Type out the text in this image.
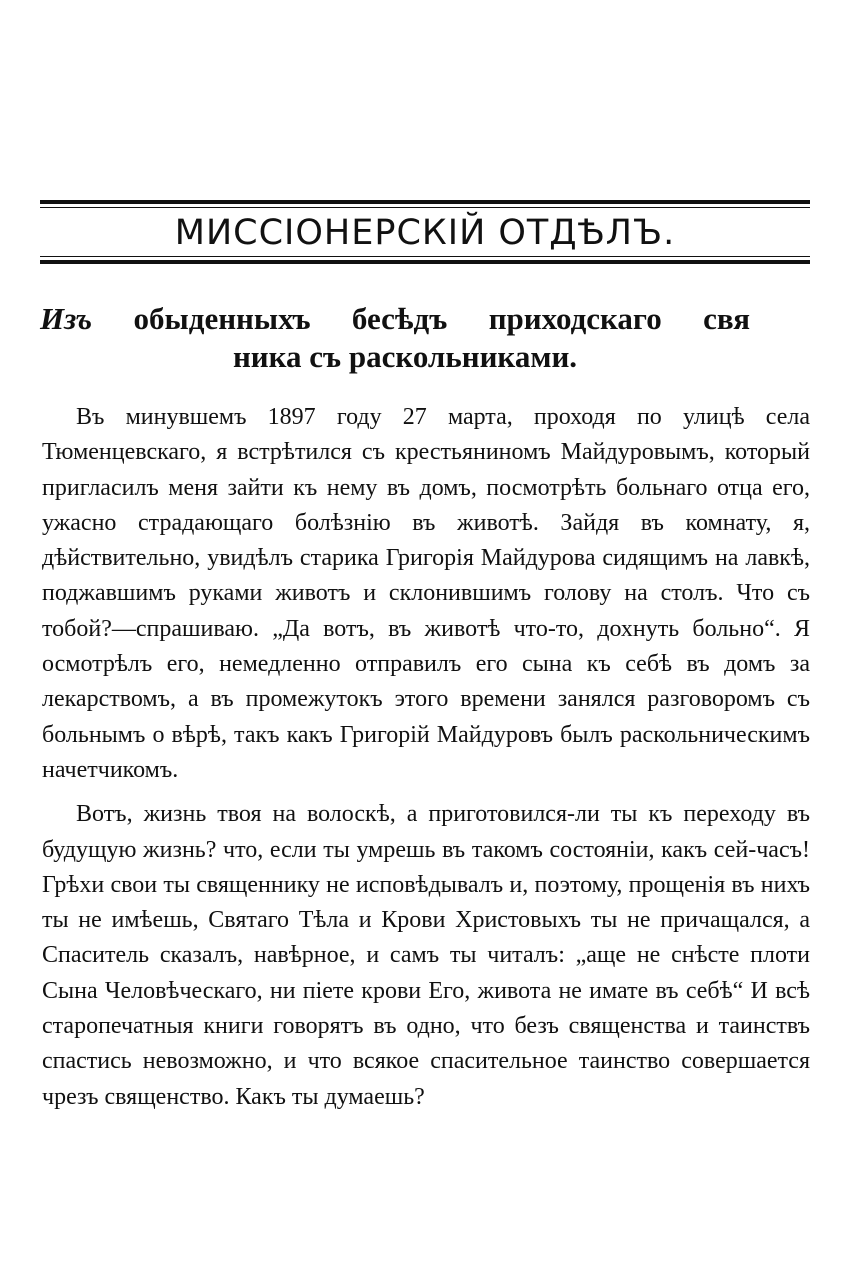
МИССІОНЕРСКІЙ ОТДѢЛЪ.
Изъ обыденныхъ бесѣдъ приходскаго свя
ника съ раскольниками.

Въ минувшемъ 1897 году 27 марта, проходя по улицѣ села Тюменцевскаго, я встрѣтился съ крестьяниномъ Майдуровымъ, который пригласилъ меня зайти къ нему въ домъ, посмотрѣть больнаго отца его, ужасно страдающаго болѣзнію въ животѣ. Зайдя въ комнату, я, дѣйствительно, увидѣлъ старика Григорія Майдурова сидящимъ на лавкѣ, поджавшимъ руками животъ и склонившимъ голову на столъ. Что съ тобой?—спрашиваю. „Да вотъ, въ животѣ что-то, дохнуть больно“. Я осмотрѣлъ его, немедленно отправилъ его сына къ себѣ въ домъ за лекарствомъ, а въ промежутокъ этого времени занялся разговоромъ съ больнымъ о вѣрѣ, такъ какъ Григорій Майдуровъ былъ раскольническимъ начетчикомъ.

Вотъ, жизнь твоя на волоскѣ, а приготовился-ли ты къ переходу въ будущую жизнь? что, если ты умрешь въ такомъ состояніи, какъ сей-часъ! Грѣхи свои ты священнику не исповѣдывалъ и, поэтому, прощенія въ нихъ ты не имѣешь, Святаго Тѣла и Крови Христовыхъ ты не причащался, а Спаситель сказалъ, навѣрное, и самъ ты читалъ: „аще не снѣсте плоти Сына Человѣческаго, ни піете крови Его, живота не имате въ себѣ“ И всѣ старопечатныя книги говорятъ въ одно, что безъ священства и таинствъ спастись невозможно, и что всякое спасительное таинство совершается чрезъ священство. Какъ ты думаешь?
